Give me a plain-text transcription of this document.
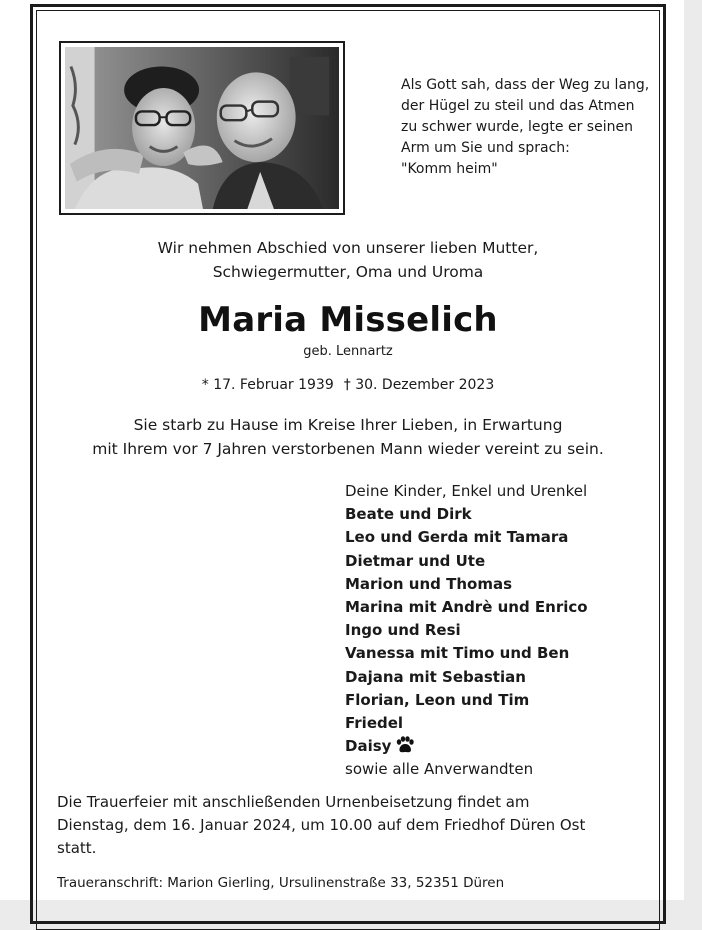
Als Gott sah, dass der Weg zu lang,
der Hügel zu steil und das Atmen
zu schwer wurde, legte er seinen
Arm um Sie und sprach:
"Komm heim"
Wir nehmen Abschied von unserer lieben Mutter,
Schwiegermutter, Oma und Uroma
Maria Misselich
geb. Lennartz
* 17. Februar 1939 † 30. Dezember 2023
Sie starb zu Hause im Kreise Ihrer Lieben, in Erwartung
mit Ihrem vor 7 Jahren verstorbenen Mann wieder vereint zu sein.
Deine Kinder, Enkel und Urenkel
Beate und Dirk
Leo und Gerda mit Tamara
Dietmar und Ute
Marion und Thomas
Marina mit Andrè und Enrico
Ingo und Resi
Vanessa mit Timo und Ben
Dajana mit Sebastian
Florian, Leon und Tim
Friedel
Daisy
sowie alle Anverwandten
Die Trauerfeier mit anschließenden Urnenbeisetzung findet am
Dienstag, dem 16. Januar 2024, um 10.00 auf dem Friedhof Düren Ost
statt.
Traueranschrift: Marion Gierling, Ursulinenstraße 33, 52351 Düren
